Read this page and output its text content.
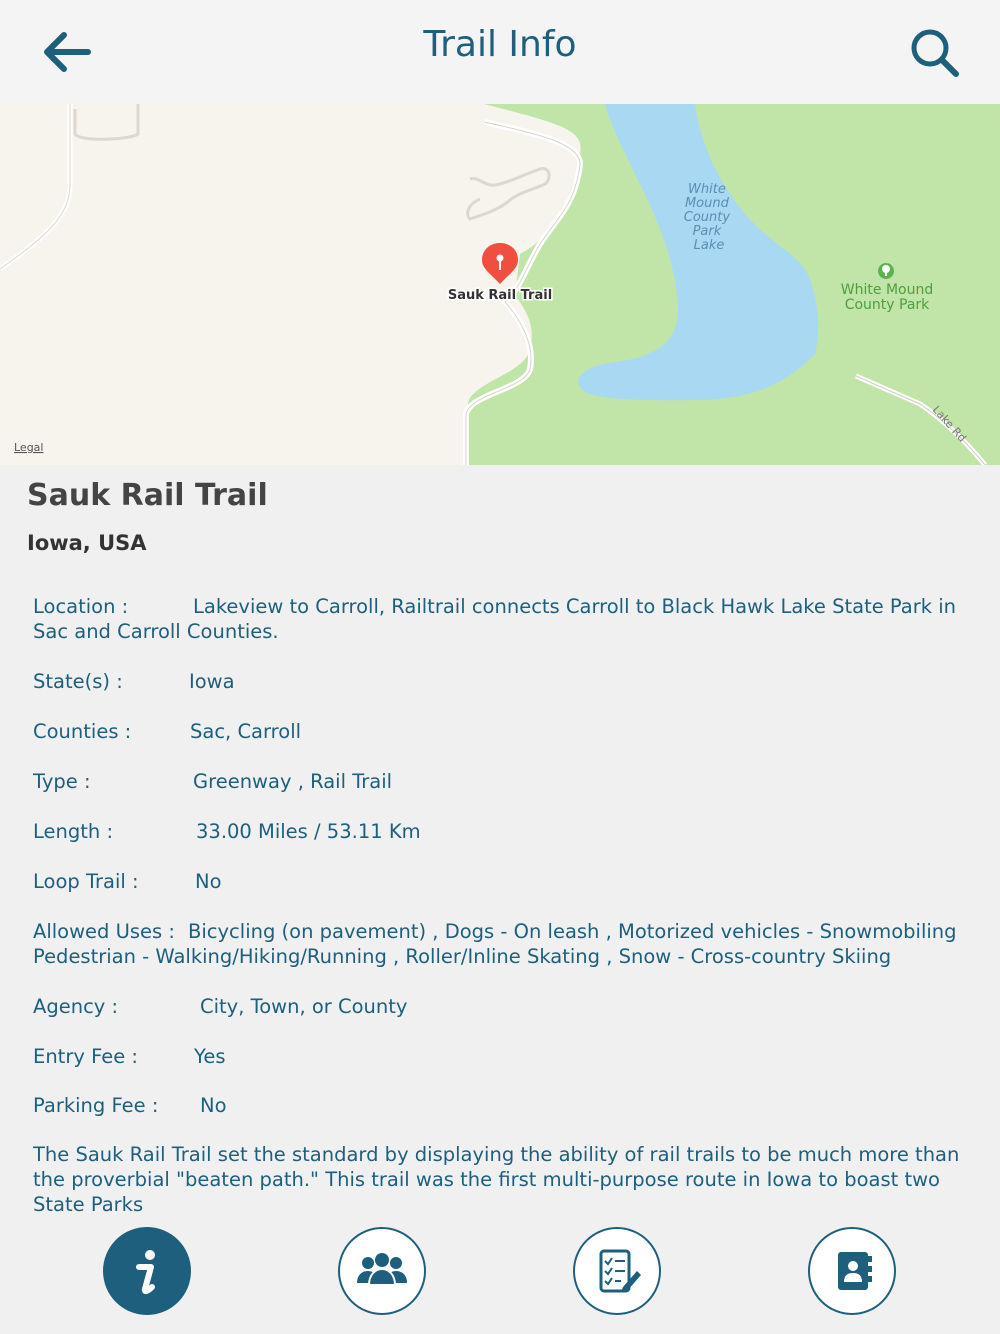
Trail Info
White Mound County Park Lake
White Mound
County Park
Lake Rd
Sauk Rail Trail
Legal
Sauk Rail Trail
Iowa, USA
Location :	Lakeview to Carroll, Railtrail connects Carroll to Black Hawk Lake State Park in Sac and Carroll Counties.
State(s) :	Iowa
Counties :	Sac, Carroll
Type :	Greenway , Rail Trail
Length :	33.00 Miles / 53.11 Km
Loop Trail :	No
Allowed Uses : Bicycling (on pavement) , Dogs - On leash , Motorized vehicles - Snowmobiling Pedestrian - Walking/Hiking/Running , Roller/Inline Skating , Snow - Cross-country Skiing
Agency :	City, Town, or County
Entry Fee :	Yes
Parking Fee : No
The Sauk Rail Trail set the standard by displaying the ability of rail trails to be much more than the proverbial "beaten path." This trail was the first multi-purpose route in Iowa to boast two State Parks
